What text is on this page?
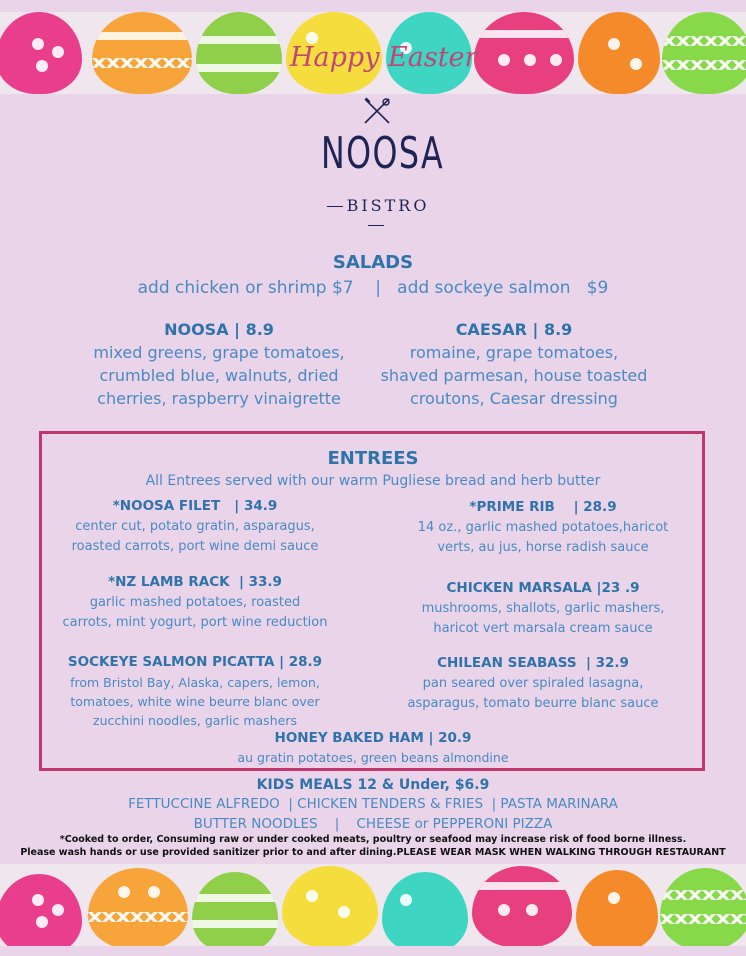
Happy Easter
NOOSA
BISTRO
SALADS
add chicken or shrimp $7    |   add sockeye salmon   $9
NOOSA | 8.9
mixed greens, grape tomatoes,
crumbled blue, walnuts, dried
cherries, raspberry vinaigrette
CAESAR | 8.9
romaine, grape tomatoes,
shaved parmesan, house toasted
croutons, Caesar dressing
ENTREES
All Entrees served with our warm Pugliese bread and herb butter
*NOOSA FILET   | 34.9
center cut, potato gratin, asparagus,
roasted carrots, port wine demi sauce
*PRIME RIB    | 28.9
14 oz., garlic mashed potatoes,haricot
verts, au jus, horse radish sauce
*NZ LAMB RACK  | 33.9
garlic mashed potatoes, roasted
carrots, mint yogurt, port wine reduction
CHICKEN MARSALA |23 .9
mushrooms, shallots, garlic mashers,
haricot vert marsala cream sauce
SOCKEYE SALMON PICATTA | 28.9
from Bristol Bay, Alaska, capers, lemon,
tomatoes, white wine beurre blanc over
zucchini noodles, garlic mashers
CHILEAN SEABASS  | 32.9
pan seared over spiraled lasagna,
asparagus, tomato beurre blanc sauce
HONEY BAKED HAM | 20.9
au gratin potatoes, green beans almondine
KIDS MEALS 12 & Under, $6.9
FETTUCCINE ALFREDO  | CHICKEN TENDERS & FRIES  | PASTA MARINARA
BUTTER NOODLES    |    CHEESE or PEPPERONI PIZZA
*Cooked to order, Consuming raw or under cooked meats, poultry or seafood may increase risk of food borne illness.
Please wash hands or use provided sanitizer prior to and after dining.PLEASE WEAR MASK WHEN WALKING THROUGH RESTAURANT
